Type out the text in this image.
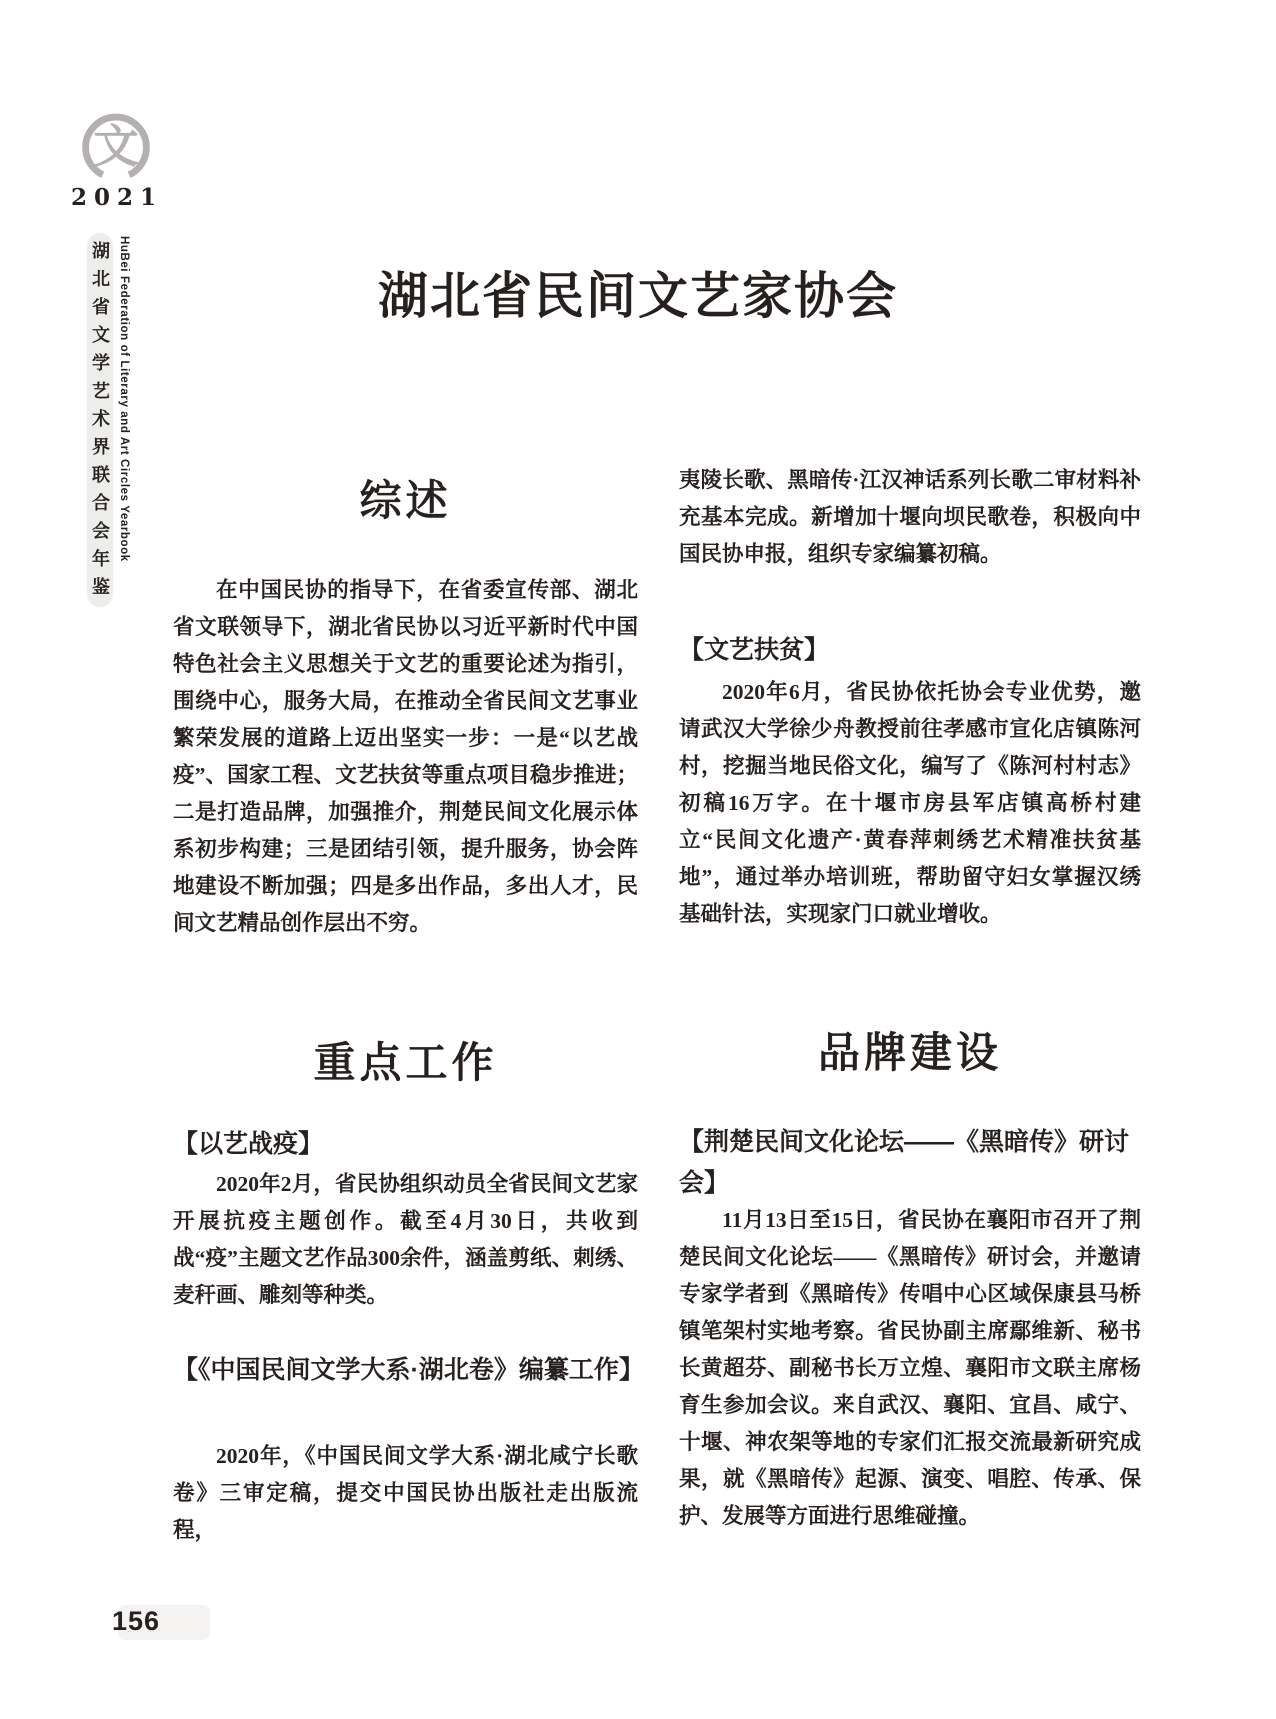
文
2021
湖北省文学艺术界联合会年鉴 HuBei Federation of Literary and Art Circles Yearbook	湖北省民间文艺家协会
综述

在中国民协的指导下，在省委宣传部、湖北省文联领导下，湖北省民协以习近平新时代中国特色社会主义思想关于文艺的重要论述为指引，围绕中心，服务大局，在推动全省民间文艺事业繁荣发展的道路上迈出坚实一步：一是“以艺战疫”、国家工程、文艺扶贫等重点项目稳步推进；二是打造品牌，加强推介，荆楚民间文化展示体系初步构建；三是团结引领，提升服务，协会阵地建设不断加强；四是多出作品，多出人才，民间文艺精品创作层出不穷。

重点工作
【以艺战疫】

2020年2月，省民协组织动员全省民间文艺家开展抗疫主题创作。截至4月30日，共收到战“疫”主题文艺作品300余件，涵盖剪纸、刺绣、麦秆画、雕刻等种类。

【《中国民间文学大系·湖北卷》编纂工作】

2020年，《中国民间文学大系·湖北咸宁长歌卷》三审定稿，提交中国民协出版社走出版流程，

夷陵长歌、黑暗传·江汉神话系列长歌二审材料补充基本完成。新增加十堰向坝民歌卷，积极向中国民协申报，组织专家编纂初稿。

【文艺扶贫】

2020年6月，省民协依托协会专业优势，邀请武汉大学徐少舟教授前往孝感市宣化店镇陈河村，挖掘当地民俗文化，编写了《陈河村村志》初稿16万字。在十堰市房县军店镇高桥村建立“民间文化遗产·黄春萍刺绣艺术精准扶贫基地”，通过举办培训班，帮助留守妇女掌握汉绣基础针法，实现家门口就业增收。

品牌建设
【荆楚民间文化论坛——《黑暗传》研讨会】

11月13日至15日，省民协在襄阳市召开了荆楚民间文化论坛——《黑暗传》研讨会，并邀请专家学者到《黑暗传》传唱中心区域保康县马桥镇笔架村实地考察。省民协副主席鄢维新、秘书长黄超芬、副秘书长万立煌、襄阳市文联主席杨育生参加会议。来自武汉、襄阳、宜昌、咸宁、十堰、神农架等地的专家们汇报交流最新研究成果，就《黑暗传》起源、演变、唱腔、传承、保护、发展等方面进行思维碰撞。

156
